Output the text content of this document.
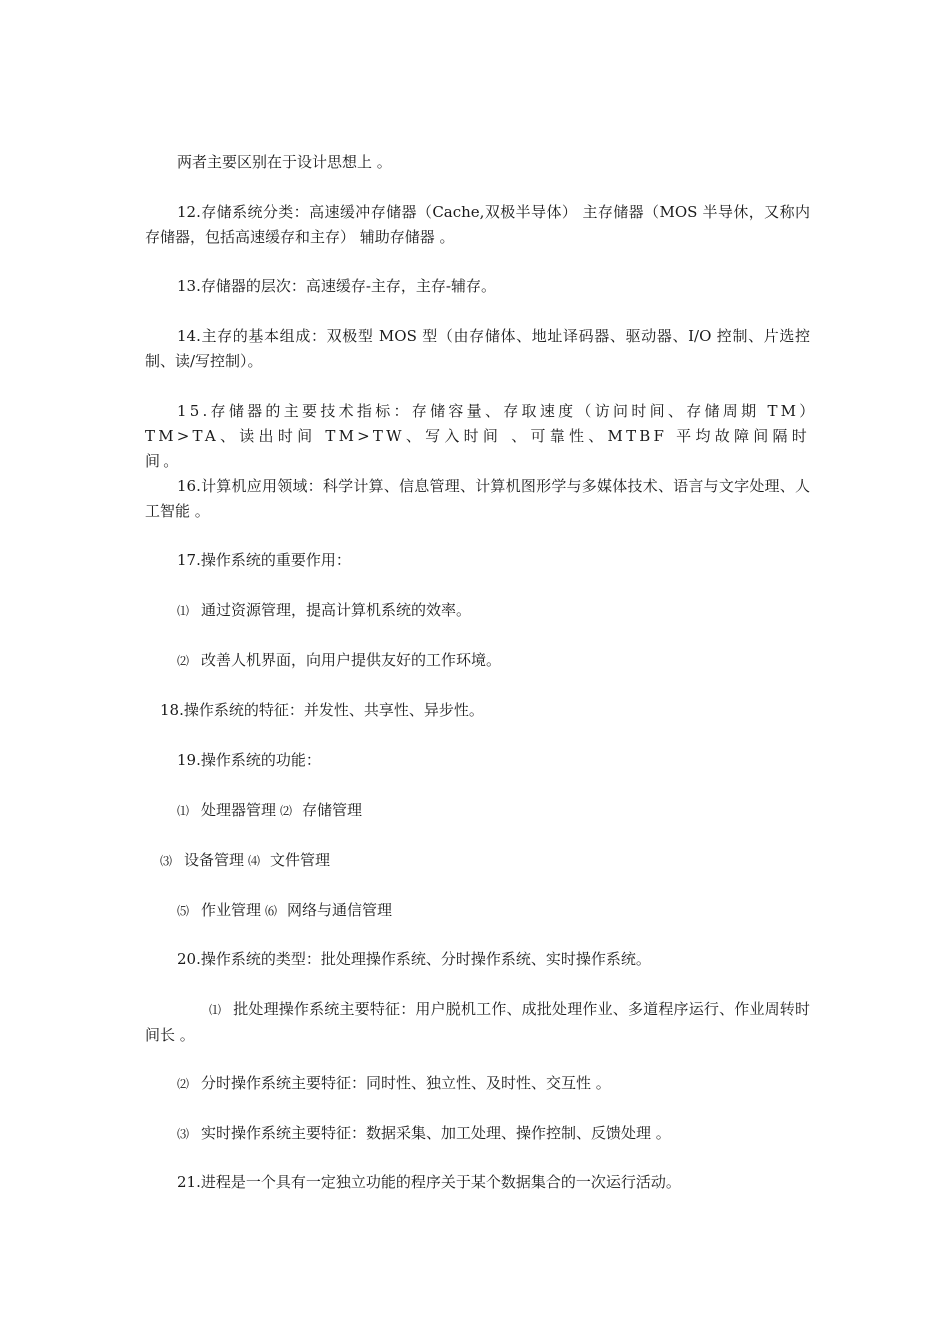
两者主要区别在于设计思想上 。
12.存储系统分类：高速缓冲存储器（Cache,双极半导体） 主存储器（MOS 半导休，又称内存储器，包括高速缓存和主存） 辅助存储器 。
13.存储器的层次：高速缓存-主存，主存-辅存。
14.主存的基本组成：双极型 MOS 型（由存储体、地址译码器、驱动器、I/O 控制、片选控制、读/写控制）。
15.存储器的主要技术指标：存储容量、存取速度（访问时间、存储周期 TM）TM>TA、读出时间 TM>TW、写入时间 、可靠性、MTBF 平均故障间隔时间。
16.计算机应用领域：科学计算、信息管理、计算机图形学与多媒体技术、语言与文字处理、人工智能 。
17.操作系统的重要作用：
⑴ 通过资源管理，提高计算机系统的效率。
⑵ 改善人机界面，向用户提供友好的工作环境。
18.操作系统的特征：并发性、共享性、异步性。
19.操作系统的功能：
⑴ 处理器管理 ⑵ 存储管理
⑶ 设备管理 ⑷ 文件管理
⑸ 作业管理 ⑹ 网络与通信管理
20.操作系统的类型：批处理操作系统、分时操作系统、实时操作系统。
⑴ 批处理操作系统主要特征：用户脱机工作、成批处理作业、多道程序运行、作业周转时间长 。
⑵ 分时操作系统主要特征：同时性、独立性、及时性、交互性 。
⑶ 实时操作系统主要特征：数据采集、加工处理、操作控制、反馈处理 。
21.进程是一个具有一定独立功能的程序关于某个数据集合的一次运行活动。
